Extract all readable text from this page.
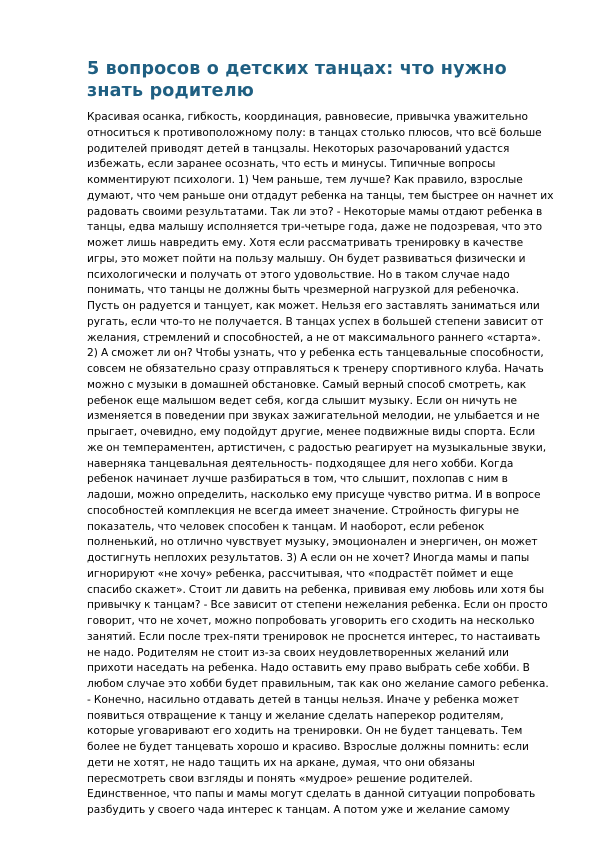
5 вопросов о детских танцах: что нужно
знать родителю
Красивая осанка, гибкость, координация, равновесие, привычка уважительно
относиться к противоположному полу: в танцах столько плюсов, что всё больше
родителей приводят детей в танцзалы. Некоторых разочарований удастся
избежать, если заранее осознать, что есть и минусы. Типичные вопросы
комментируют психологи. 1) Чем раньше, тем лучше? Как правило, взрослые
думают, что чем раньше они отдадут ребенка на танцы, тем быстрее он начнет их
радовать своими результатами. Так ли это? - Некоторые мамы отдают ребенка в
танцы, едва малышу исполняется три-четыре года, даже не подозревая, что это
может лишь навредить ему. Хотя если рассматривать тренировку в качестве
игры, это может пойти на пользу малышу. Он будет развиваться физически и
психологически и получать от этого удовольствие. Но в таком случае надо
понимать, что танцы не должны быть чрезмерной нагрузкой для ребеночка.
Пусть он радуется и танцует, как может. Нельзя его заставлять заниматься или
ругать, если что-то не получается. В танцах успех в большей степени зависит от
желания, стремлений и способностей, а не от максимального раннего «старта».
2) А сможет ли он? Чтобы узнать, что у ребенка есть танцевальные способности,
совсем не обязательно сразу отправляться к тренеру спортивного клуба. Начать
можно с музыки в домашней обстановке. Самый верный способ смотреть, как
ребенок еще малышом ведет себя, когда слышит музыку. Если он ничуть не
изменяется в поведении при звуках зажигательной мелодии, не улыбается и не
прыгает, очевидно, ему подойдут другие, менее подвижные виды спорта. Если
же он темпераментен, артистичен, с радостью реагирует на музыкальные звуки,
наверняка танцевальная деятельность- подходящее для него хобби. Когда
ребенок начинает лучше разбираться в том, что слышит, похлопав с ним в
ладоши, можно определить, насколько ему присуще чувство ритма. И в вопросе
способностей комплекция не всегда имеет значение. Стройность фигуры не
показатель, что человек способен к танцам. И наоборот, если ребенок
полненький, но отлично чувствует музыку, эмоционален и энергичен, он может
достигнуть неплохих результатов. 3) А если он не хочет? Иногда мамы и папы
игнорируют «не хочу» ребенка, рассчитывая, что «подрастёт поймет и еще
спасибо скажет». Стоит ли давить на ребенка, прививая ему любовь или хотя бы
привычку к танцам? - Все зависит от степени нежелания ребенка. Если он просто
говорит, что не хочет, можно попробовать уговорить его сходить на несколько
занятий. Если после трех-пяти тренировок не проснется интерес, то настаивать
не надо. Родителям не стоит из-за своих неудовлетворенных желаний или
прихоти наседать на ребенка. Надо оставить ему право выбрать себе хобби. В
любом случае это хобби будет правильным, так как оно желание самого ребенка.
- Конечно, насильно отдавать детей в танцы нельзя. Иначе у ребенка может
появиться отвращение к танцу и желание сделать наперекор родителям,
которые уговаривают его ходить на тренировки. Он не будет танцевать. Тем
более не будет танцевать хорошо и красиво. Взрослые должны помнить: если
дети не хотят, не надо тащить их на аркане, думая, что они обязаны
пересмотреть свои взгляды и понять «мудрое» решение родителей.
Единственное, что папы и мамы могут сделать в данной ситуации попробовать
разбудить у своего чада интерес к танцам. А потом уже и желание самому
